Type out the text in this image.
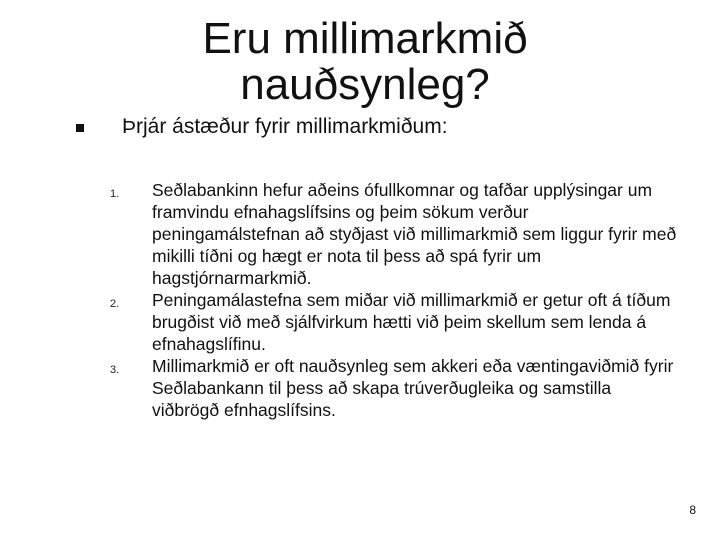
Eru millimarkmið nauðsynleg?
Þrjár ástæður fyrir millimarkmiðum:
1.	Seðlabankinn hefur aðeins ófullkomnar og tafðar upplýsingar um framvindu efnahagslífsins og þeim sökum verður peningamálstefnan að styðjast við millimarkmið sem liggur fyrir með mikilli tíðni og hægt er nota til þess að spá fyrir um hagstjórnarmarkmið.
2.	Peningamálastefna sem miðar við millimarkmið er getur oft á tíðum brugðist við með sjálfvirkum hætti við þeim skellum sem lenda á efnahagslífinu.
3.	Millimarkmið er oft nauðsynleg sem akkeri eða væntingaviðmið fyrir Seðlabankann til þess að skapa trúverðugleika og samstilla viðbrögð efnhagslífsins.
8
